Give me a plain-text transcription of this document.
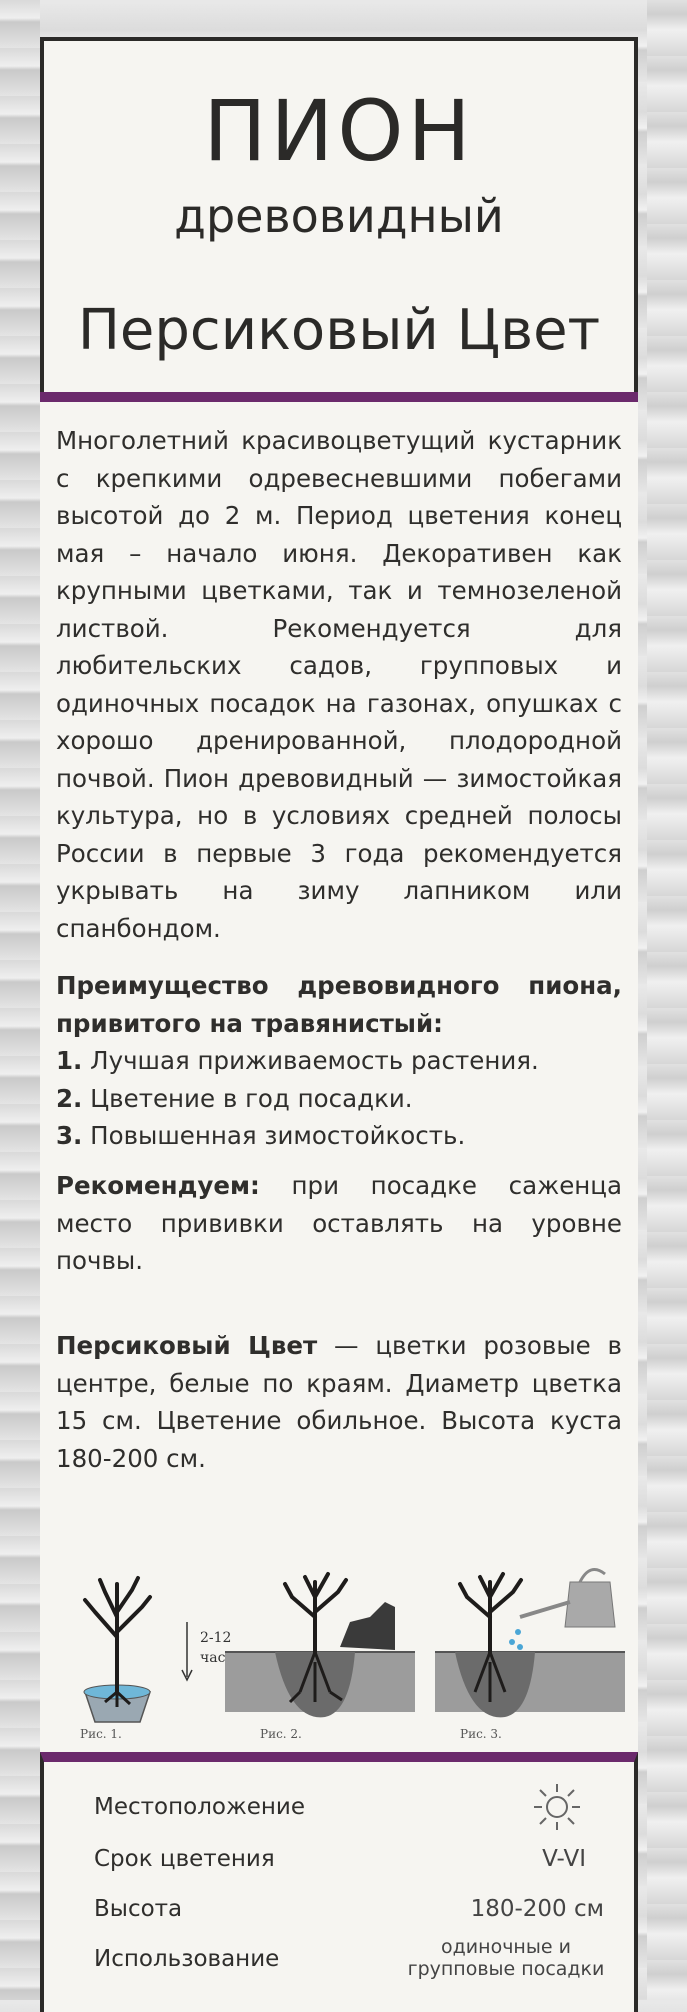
ПИОН
древовидный
Персиковый Цвет
Многолетний красивоцветущий кустарник с крепкими одревесневшими побегами высотой до 2 м. Период цветения конец мая – начало июня. Декоративен как крупными цветками, так и темнозеленой листвой. Рекомендуется для любительских садов, групповых и одиночных посадок на газонах, опушках с хорошо дренированной, плодородной почвой. Пион древовидный — зимостойкая культура, но в условиях средней полосы России в первые 3 года рекомендуется укрывать на зиму лапником или спанбондом.
Преимущество древовидного пиона, привитого на травянистый:
1. Лучшая приживаемость растения.
2. Цветение в год посадки.
3. Повышенная зимостойкость.
Рекомендуем: при посадке саженца место прививки оставлять на уровне почвы.
Персиковый Цвет — цветки розовые в центре, белые по краям. Диаметр цветка 15 см. Цветение обильное. Высота куста 180-200 см.
2-12
час
Рис. 1.	Рис. 2.	Рис. 3.
Местоположение
Срок цветения	V-VI
Высота	180-200 см
Использование	одиночные и групповые посадки
